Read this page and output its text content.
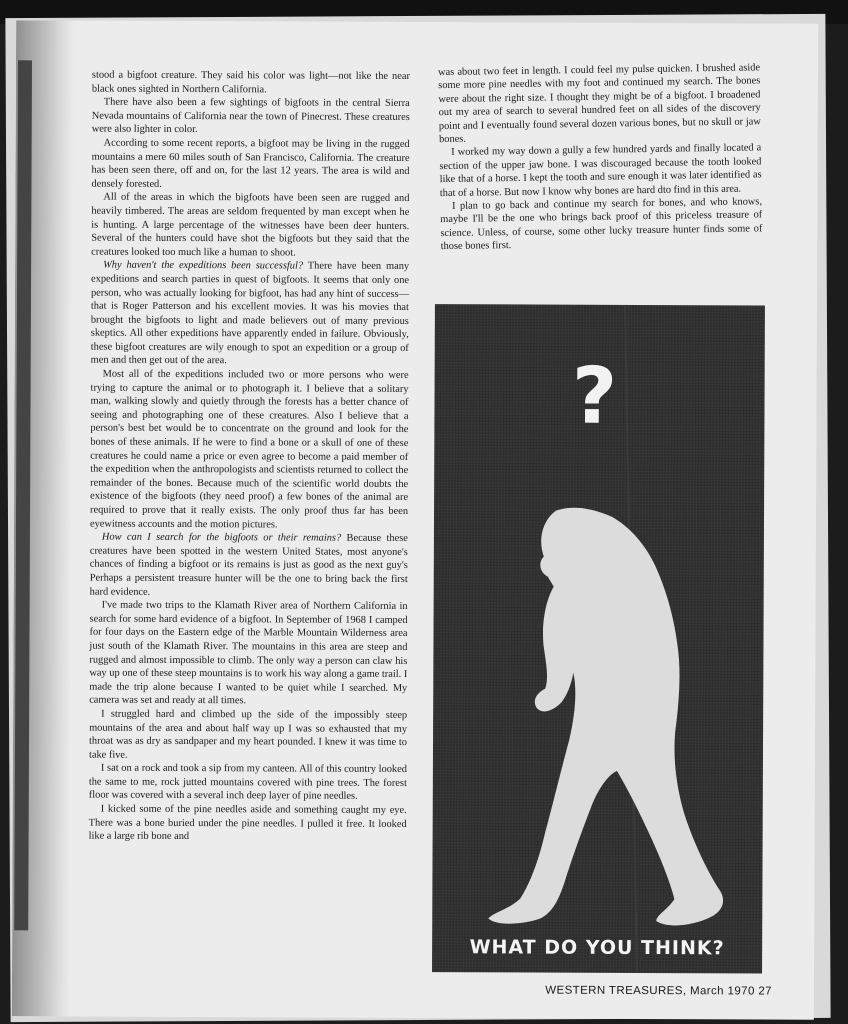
stood a bigfoot creature. They said his color was light—not like the near black ones sighted in Northern California.

There have also been a few sightings of bigfoots in the central Sierra Nevada mountains of California near the town of Pinecrest. These creatures were also lighter in color.

According to some recent reports, a bigfoot may be living in the rugged mountains a mere 60 miles south of San Francisco, California. The creature has been seen there, off and on, for the last 12 years. The area is wild and densely forested.

All of the areas in which the bigfoots have been seen are rugged and heavily timbered. The areas are seldom frequented by man except when he is hunting. A large percentage of the witnesses have been deer hunters. Several of the hunters could have shot the bigfoots but they said that the creatures looked too much like a human to shoot.

Why haven't the expeditions been successful? There have been many expeditions and search parties in quest of bigfoots. It seems that only one person, who was actually looking for bigfoot, has had any hint of success—that is Roger Patterson and his excellent movies. It was his movies that brought the bigfoots to light and made believers out of many previous skeptics. All other expeditions have apparently ended in failure. Obviously, these bigfoot creatures are wily enough to spot an expedition or a group of men and then get out of the area.

Most all of the expeditions included two or more persons who were trying to capture the animal or to photograph it. I believe that a solitary man, walking slowly and quietly through the forests has a better chance of seeing and photographing one of these creatures. Also I believe that a person's best bet would be to concentrate on the ground and look for the bones of these animals. If he were to find a bone or a skull of one of these creatures he could name a price or even agree to become a paid member of the expedition when the anthropologists and scientists returned to collect the remainder of the bones. Because much of the scientific world doubts the existence of the bigfoots (they need proof) a few bones of the animal are required to prove that it really exists. The only proof thus far has been eyewitness accounts and the motion pictures.

How can I search for the bigfoots or their remains? Because these creatures have been spotted in the western United States, most anyone's chances of finding a bigfoot or its remains is just as good as the next guy's Perhaps a persistent treasure hunter will be the one to bring back the first hard evidence.

I've made two trips to the Klamath River area of Northern California in search for some hard evidence of a bigfoot. In September of 1968 I camped for four days on the Eastern edge of the Marble Mountain Wilderness area just south of the Klamath River. The mountains in this area are steep and rugged and almost impossible to climb. The only way a person can claw his way up one of these steep mountains is to work his way along a game trail. I made the trip alone because I wanted to be quiet while I searched. My camera was set and ready at all times.

I struggled hard and climbed up the side of the impossibly steep mountains of the area and about half way up I was so exhausted that my throat was as dry as sandpaper and my heart pounded. I knew it was time to take five.

I sat on a rock and took a sip from my canteen. All of this country looked the same to me, rock jutted mountains covered with pine trees. The forest floor was covered with a several inch deep layer of pine needles.

I kicked some of the pine needles aside and something caught my eye. There was a bone buried under the pine needles. I pulled it free. It looked like a large rib bone and

was about two feet in length. I could feel my pulse quicken. I brushed aside some more pine needles with my foot and continued my search. The bones were about the right size. I thought they might be of a bigfoot. I broadened out my area of search to several hundred feet on all sides of the discovery point and I eventually found several dozen various bones, but no skull or jaw bones.

I worked my way down a gully a few hundred yards and finally located a section of the upper jaw bone. I was discouraged because the tooth looked like that of a horse. I kept the tooth and sure enough it was later identified as that of a horse. But now I know why bones are hard dto find in this area.

I plan to go back and continue my search for bones, and who knows, maybe I'll be the one who brings back proof of this priceless treasure of science. Unless, of course, some other lucky treasure hunter finds some of those bones first.

?
WHAT DO YOU THINK?
WESTERN TREASURES, March 1970 27
